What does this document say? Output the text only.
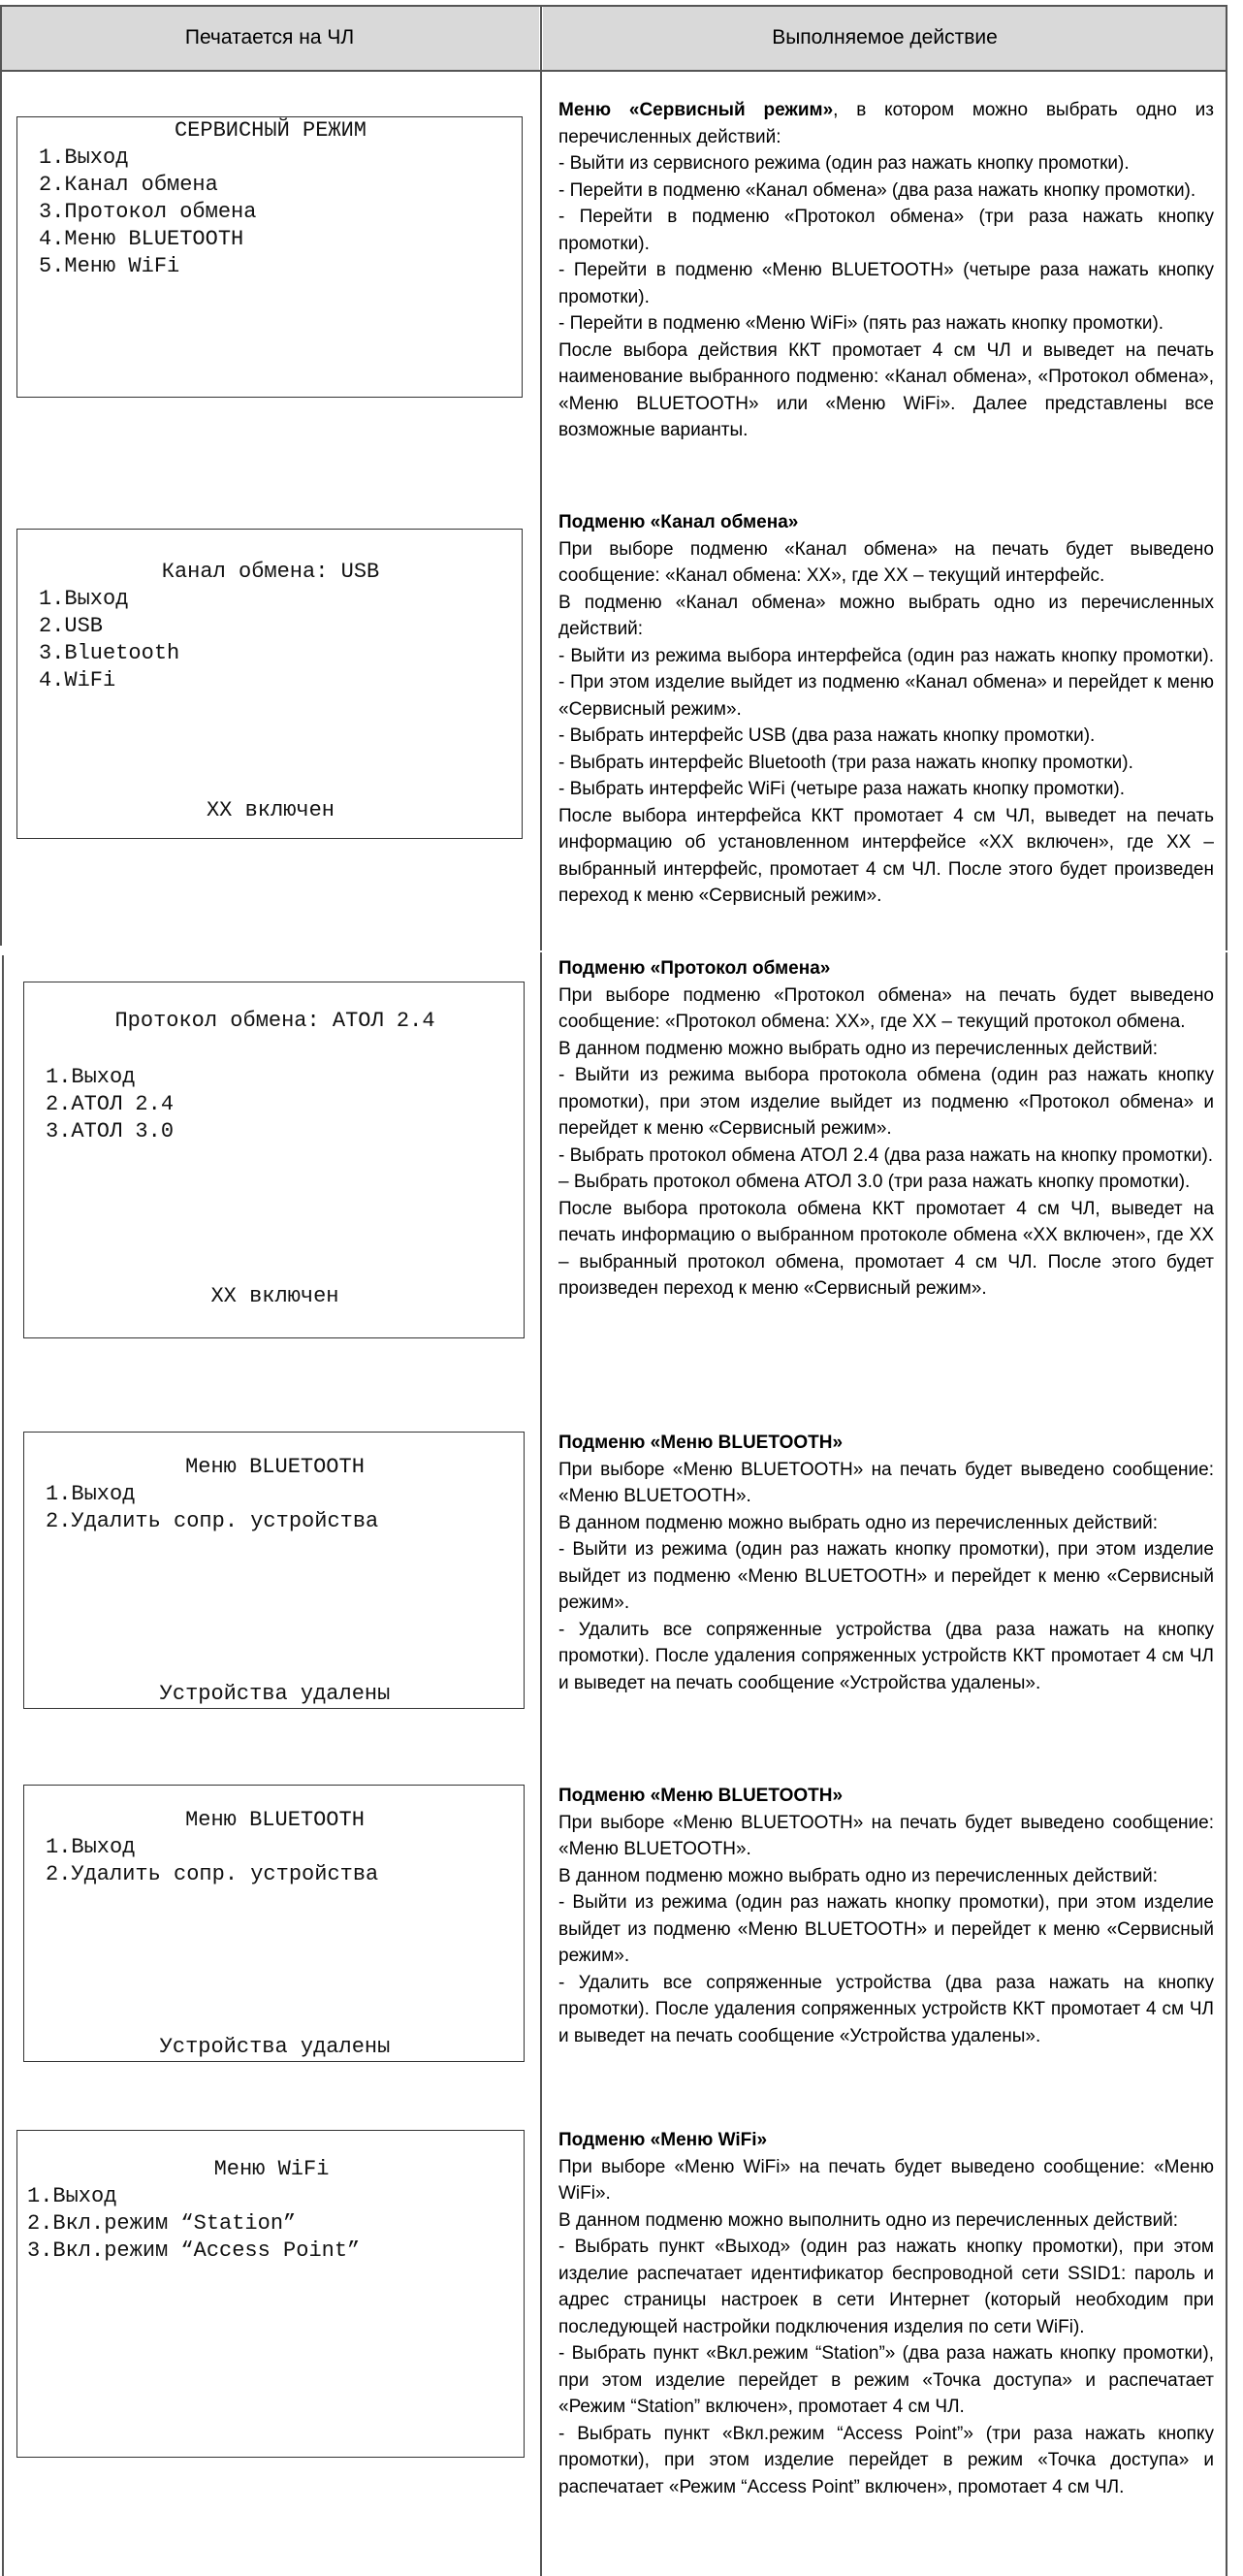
Печатается на ЧЛ	Выполняемое действие
СЕРВИСНЫЙ РЕЖИМ
1.Выход
2.Канал обмена
3.Протокол обмена
4.Меню BLUETOOTH
5.Меню WiFi

Меню «Сервисный режим», в котором можно выбрать одно из перечисленных действий:

- Выйти из сервисного режима (один раз нажать кнопку промотки).

- Перейти в подменю «Канал обмена» (два раза нажать кнопку промотки).

- Перейти в подменю «Протокол обмена» (три раза нажать кнопку промотки).

- Перейти в подменю «Меню BLUETOOTH» (четыре раза нажать кнопку промотки).

- Перейти в подменю «Меню WiFi» (пять раз нажать кнопку промотки).

После выбора действия ККТ промотает 4 см ЧЛ и выведет на печать наименование выбранного подменю: «Канал обмена», «Протокол обмена», «Меню BLUETOOTH» или «Меню WiFi». Далее представлены все возможные варианты.

Канал обмена: USB
1.Выход
2.USB
3.Bluetooth
4.WiFi
XX включен

Подменю «Канал обмена»

При выборе подменю «Канал обмена» на печать будет выведено сообщение: «Канал обмена: XX», где XX – текущий интерфейс.

В подменю «Канал обмена» можно выбрать одно из перечисленных действий:

- Выйти из режима выбора интерфейса (один раз нажать кнопку промотки). - При этом изделие выйдет из подменю «Канал обмена» и перейдет к меню «Сервисный режим».

- Выбрать интерфейс USB (два раза нажать кнопку промотки).

- Выбрать интерфейс Bluetooth (три раза нажать кнопку промотки).

- Выбрать интерфейс WiFi (четыре раза нажать кнопку промотки).

После выбора интерфейса ККТ промотает 4 см ЧЛ, выведет на печать информацию об установленном интерфейсе «XX включен», где XX – выбранный интерфейс, промотает 4 см ЧЛ. После этого будет произведен переход к меню «Сервисный режим».

Протокол обмена: АТОЛ 2.4
1.Выход
2.АТОЛ 2.4
3.АТОЛ 3.0
XX включен

Подменю «Протокол обмена»

При выборе подменю «Протокол обмена» на печать будет выведено сообщение: «Протокол обмена: XX», где XX – текущий протокол обмена.

В данном подменю можно выбрать одно из перечисленных действий:

- Выйти из режима выбора протокола обмена (один раз нажать кнопку промотки), при этом изделие выйдет из подменю «Протокол обмена» и перейдет к меню «Сервисный режим».

- Выбрать протокол обмена АТОЛ 2.4 (два раза нажать на кнопку промотки).

– Выбрать протокол обмена АТОЛ 3.0 (три раза нажать кнопку промотки).

После выбора протокола обмена ККТ промотает 4 см ЧЛ, выведет на печать информацию о выбранном протоколе обмена «XX включен», где XX – выбранный протокол обмена, промотает 4 см ЧЛ. После этого будет произведен переход к меню «Сервисный режим».

Меню BLUETOOTH
1.Выход
2.Удалить сопр. устройства
Устройства удалены

Подменю «Меню BLUETOOTH»

При выборе «Меню BLUETOOTH» на печать будет выведено сообщение: «Меню BLUETOOTH».

В данном подменю можно выбрать одно из перечисленных действий:

- Выйти из режима (один раз нажать кнопку промотки), при этом изделие выйдет из подменю «Меню BLUETOOTH» и перейдет к меню «Сервисный режим».

- Удалить все сопряженные устройства (два раза нажать на кнопку промотки). После удаления сопряженных устройств ККТ промотает 4 см ЧЛ и выведет на печать сообщение «Устройства удалены».

Меню BLUETOOTH
1.Выход
2.Удалить сопр. устройства
Устройства удалены

Подменю «Меню BLUETOOTH»

При выборе «Меню BLUETOOTH» на печать будет выведено сообщение: «Меню BLUETOOTH».

В данном подменю можно выбрать одно из перечисленных действий:

- Выйти из режима (один раз нажать кнопку промотки), при этом изделие выйдет из подменю «Меню BLUETOOTH» и перейдет к меню «Сервисный режим».

- Удалить все сопряженные устройства (два раза нажать на кнопку промотки). После удаления сопряженных устройств ККТ промотает 4 см ЧЛ и выведет на печать сообщение «Устройства удалены».

Меню WiFi
1.Выход
2.Вкл.режим “Station”
3.Вкл.режим “Access Point”

Подменю «Меню WiFi»

При выборе «Меню WiFi» на печать будет выведено сообщение: «Меню WiFi».

В данном подменю можно выполнить одно из перечисленных действий:

- Выбрать пункт «Выход» (один раз нажать кнопку промотки), при этом изделие распечатает идентификатор беспроводной сети SSID1: пароль и адрес страницы настроек в сети Интернет (который необходим при последующей настройки подключения изделия по сети WiFi).

- Выбрать пункт «Вкл.режим “Station”» (два раза нажать кнопку промотки), при этом изделие перейдет в режим «Точка доступа» и распечатает «Режим “Station” включен», промотает 4 см ЧЛ.

- Выбрать пункт «Вкл.режим “Access Point”» (три раза нажать кнопку промотки), при этом изделие перейдет в режим «Точка доступа» и распечатает «Режим “Access Point” включен», промотает 4 см ЧЛ.
